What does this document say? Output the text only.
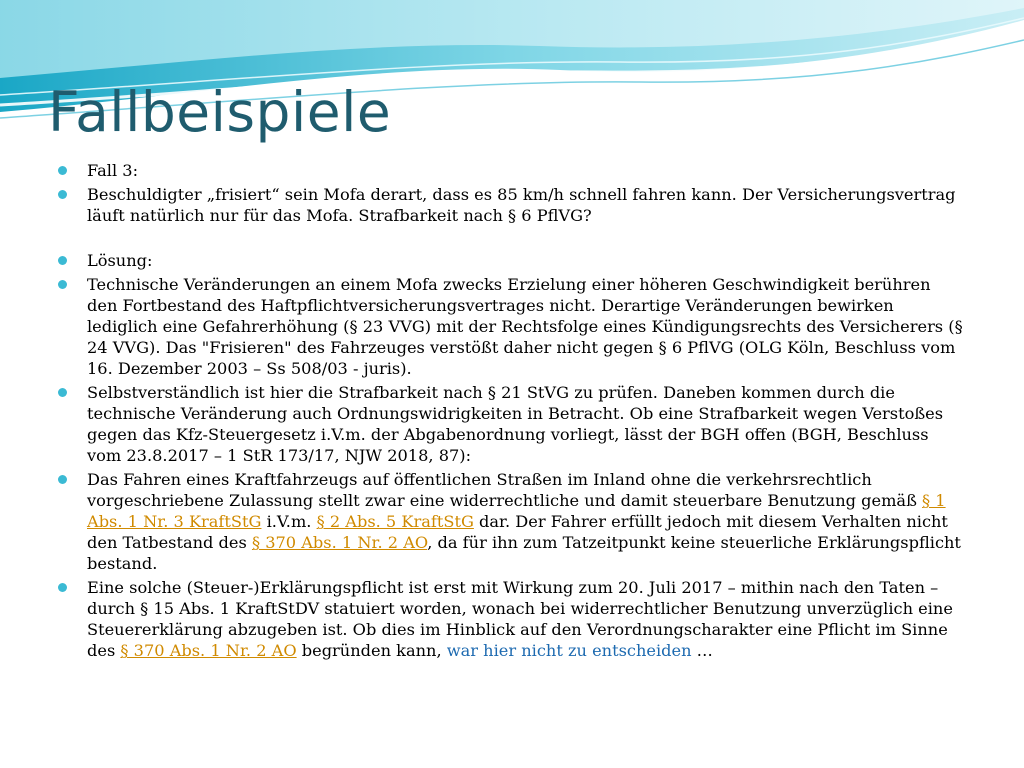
Fallbeispiele
Fall 3:
Beschuldigter „frisiert“ sein Mofa derart, dass es 85 km/h schnell fahren kann. Der Versicherungsvertrag läuft natürlich nur für das Mofa. Strafbarkeit nach § 6 PflVG?
Lösung:
Technische Veränderungen an einem Mofa zwecks Erzielung einer höheren Geschwindigkeit berühren den Fortbestand des Haftpflichtversicherungsvertrages nicht. Derartige Veränderungen bewirken lediglich eine Gefahrerhöhung (§ 23 VVG) mit der Rechtsfolge eines Kündigungsrechts des Versicherers (§ 24 VVG). Das "Frisieren" des Fahrzeuges verstößt daher nicht gegen § 6 PflVG (OLG Köln, Beschluss vom 16. Dezember 2003 – Ss 508/03 - juris).
Selbstverständlich ist hier die Strafbarkeit nach § 21 StVG zu prüfen. Daneben kommen durch die technische Veränderung auch Ordnungswidrigkeiten in Betracht. Ob eine Strafbarkeit wegen Verstoßes gegen das Kfz-Steuergesetz i.V.m. der Abgabenordnung vorliegt, lässt der BGH offen (BGH, Beschluss vom 23.8.2017 – 1 StR 173/17, NJW 2018, 87):
Das Fahren eines Kraftfahrzeugs auf öffentlichen Straßen im Inland ohne die verkehrsrechtlich vorgeschriebene Zulassung stellt zwar eine widerrechtliche und damit steuerbare Benutzung gemäß § 1 Abs. 1 Nr. 3 KraftStG i.V.m. § 2 Abs. 5 KraftStG dar. Der Fahrer erfüllt jedoch mit diesem Verhalten nicht den Tatbestand des § 370 Abs. 1 Nr. 2 AO, da für ihn zum Tatzeitpunkt keine steuerliche Erklärungspflicht bestand.
Eine solche (Steuer-)Erklärungspflicht ist erst mit Wirkung zum 20. Juli 2017 – mithin nach den Taten – durch § 15 Abs. 1 KraftStDV statuiert worden, wonach bei widerrechtlicher Benutzung unverzüglich eine Steuererklärung abzugeben ist. Ob dies im Hinblick auf den Verordnungscharakter eine Pflicht im Sinne des § 370 Abs. 1 Nr. 2 AO begründen kann, war hier nicht zu entscheiden …
